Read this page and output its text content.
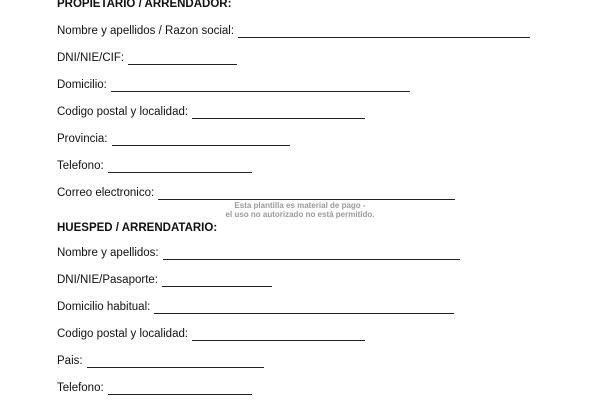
PROPIETARIO / ARRENDADOR:
Nombre y apellidos / Razon social:
DNI/NIE/CIF:
Domicilio:
Codigo postal y localidad:
Provincia:
Telefono:
Correo electronico:
Esta plantilla es material de pago -
el uso no autorizado no está permitido.
HUESPED / ARRENDATARIO:
Nombre y apellidos:
DNI/NIE/Pasaporte:
Domicilio habitual:
Codigo postal y localidad:
Pais:
Telefono:
